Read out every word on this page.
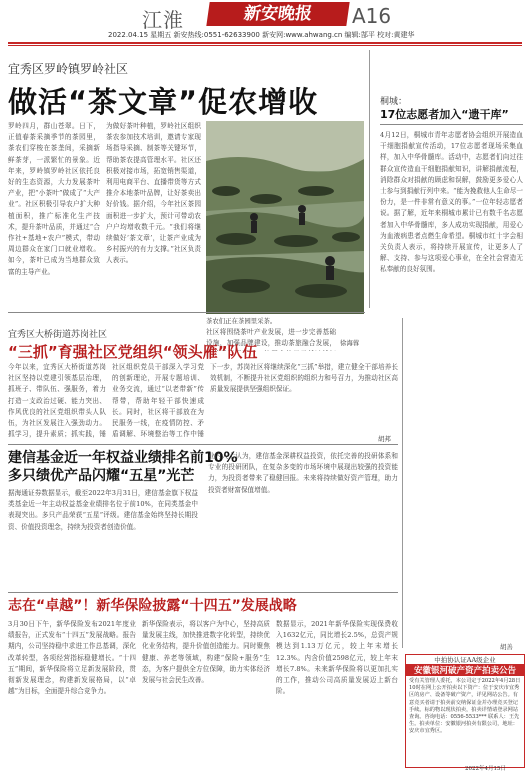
江淮	新安晚报	A16
2022.04.15 星期五 新安热线:0551-62633900 新安网:www.ahwang.cn 编辑:郜平 校对:黄建华
宜秀区罗岭镇罗岭社区
做活“茶文章”促农增收
罗岭四月，群山苍翠。日下，正值春茶采摘季节的茶园里，茶农们穿梭在茶垄间，采摘新鲜茶芽，一派繁忙的景象。近年来，罗岭镇罗岭社区依托良好的生态资源，大力发展茶叶产业，把“小茶叶”做成了“大产业”。社区积极引导农户扩大种植面积，推广标准化生产技术，提升茶叶品质，并通过“合作社+基地+农户”模式，带动周边群众在家门口就业增收。如今，茶叶已成为当地群众致富的主导产业。
为做好茶叶种植，罗岭社区组织茶农参加技术培训，邀请专家现场指导采摘、制茶等关键环节，帮助茶农提高管理水平。社区还积极对接市场，拓宽销售渠道，利用电商平台、直播带货等方式推介本地茶叶品牌，让好茶卖出好价钱。据介绍，今年社区茶园面积进一步扩大，预计可带动农户户均增收数千元。“我们将继续做好‘茶文章’，让茶产业成为乡村振兴的有力支撑。”社区负责人表示。
茶农们正在茶园里采茶。
社区将围绕茶叶产业发展，进一步完善基础设施，加强品牌建设，推动茶旅融合发展， 徐海蓉
宜秀区大桥街道苏岗社区
“三抓”育强社区党组织“领头雁”队伍
今年以来，宜秀区大桥街道苏岗社区坚持以党建引领基层治理，抓班子、带队伍、强服务，着力打造一支政治过硬、能力突出、作风优良的社区党组织带头人队伍，为社区发展注入强劲动力。抓学习，提升素质；抓实践，锤
社区组织党员干部深入学习党的创新理论，开展专题培训、业务交流，通过“以老带新”传帮带，帮助年轻干部快速成长。同时，社区将干部放在为民服务一线，在疫情防控、矛盾调解、环境整治等工作中锤
下一步，苏岗社区将继续深化“三抓”举措，建立健全干部培养长效机制，不断提升社区党组织的组织力和号召力，为推动社区高质量发展提供坚强组织保证。
胡邦
建信基金近一年权益业绩排名前10%
多只绩优产品闪耀“五星”光芒
据海通证券数据显示，截至2022年3月31日，建信基金旗下权益类基金近一年主动权益基金业绩排名位于前10%，在同类基金中表现突出。多只产品荣获“五星”评级。建信基金始终坚持长期投资、价值投资理念，持续为投资者创造价值。
业内人士认为，建信基金深耕权益投资，依托完善的投研体系和专业的投研团队，在复杂多变的市场环境中展现出较强的投资能力，为投资者带来了稳健回报。未来将持续做好资产管理，助力投资者财富保值增值。
志在“卓越”！新华保险披露“十四五”发展战略
3月30日下午，新华保险发布2021年度业绩报告，正式发布“十四五”发展战略。报告期内，公司坚持稳中求进工作总基调，深化改革转型，各项经营指标稳健增长。“十四五”期间，新华保险将立足新发展阶段，贯彻新发展理念，构建新发展格局，以“卓越”为目标，全面提升综合竞争力。
新华保险表示，将以客户为中心，坚持高质量发展主线，加快推进数字化转型，持续优化业务结构，提升价值创造能力。同时聚焦健康、养老等领域，构建“保险+服务”生态，为客户提供全方位保障，助力实体经济发展与社会民生改善。
数据显示，2021年新华保险实现保费收入1632亿元，同比增长2.5%，总资产规模达到1.13万亿元，较上年末增长12.3%。内含价值2598亿元，较上年末增长7.8%。未来新华保险将以更加扎实的工作，推动公司高质量发展迈上新台阶。
桐城：
17位志愿者加入“遗干库”
4月12日，桐城市青年志愿者协会组织开展造血干细胞捐献宣传活动，17位志愿者现场采集血样，加入中华骨髓库。活动中，志愿者们向过往群众宣传造血干细胞捐献知识，讲解捐献流程，消除群众对捐献的顾虑和误解，鼓励更多爱心人士参与到捐献行列中来。“能为挽救他人生命尽一份力，是一件非常有意义的事。”一位年轻志愿者说。据了解，近年来桐城市累计已有数千名志愿者加入中华骨髓库，多人成功实现捐献，用爱心为血液病患者点燃生命希望。桐城市红十字会相关负责人表示，将持续开展宣传，让更多人了解、支持、参与这项爱心事业，在全社会营造无私奉献的良好氛围。
胡善
中拍协认证AA级企业
安徽银河破产资产拍卖公告
受有关管理人委托，本公司定于2022年4月28日10时在网上公开拍卖以下资产：位于安庆市宜秀区的房产、设备等破产资产，详见网站公告。有意竞买者请于拍卖前交纳保证金并办理竞买登记手续。标的物以现状拍卖，拍卖详情请登录网站查询。咨询电话：0556-5533*** 联系人：王先生。拍卖单位：安徽银河拍卖有限公司，地址：安庆市宜秀区。
2022年4月15日
